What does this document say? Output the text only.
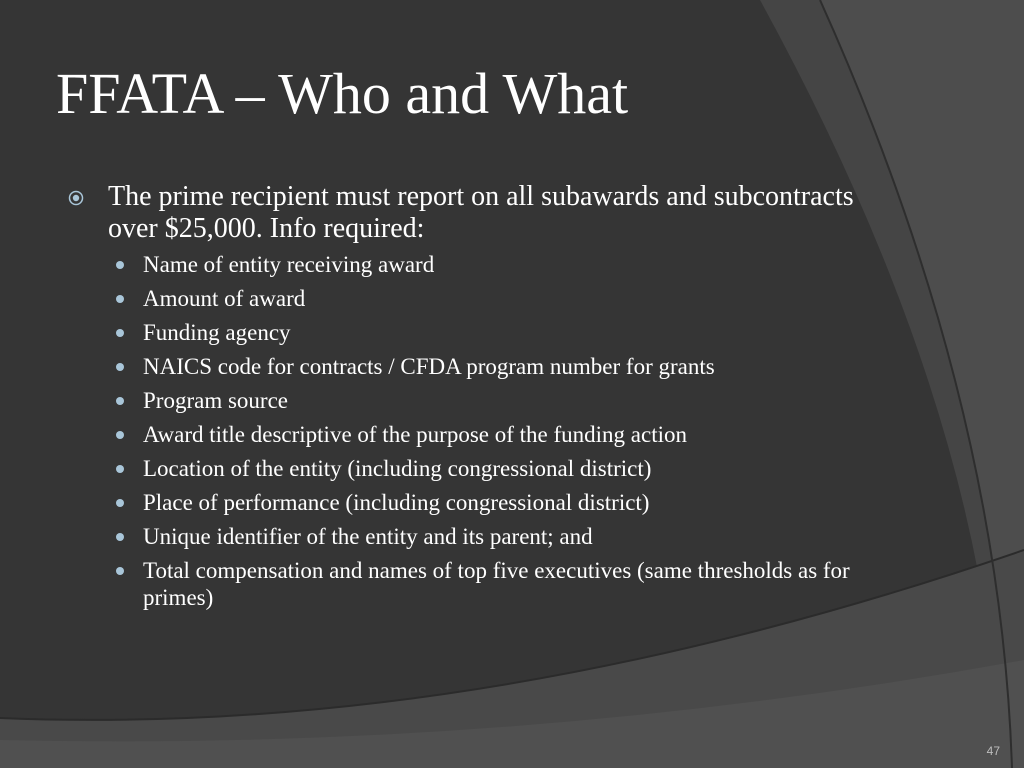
FFATA – Who and What
The prime recipient must report on all subawards and subcontracts over $25,000. Info required:
Name of entity receiving award
Amount of award
Funding agency
NAICS code for contracts / CFDA program number for grants
Program source
Award title descriptive of the purpose of the funding action
Location of the entity (including congressional district)
Place of performance (including congressional district)
Unique identifier of the entity and its parent; and
Total compensation and names of top five executives (same thresholds as for primes)
47
